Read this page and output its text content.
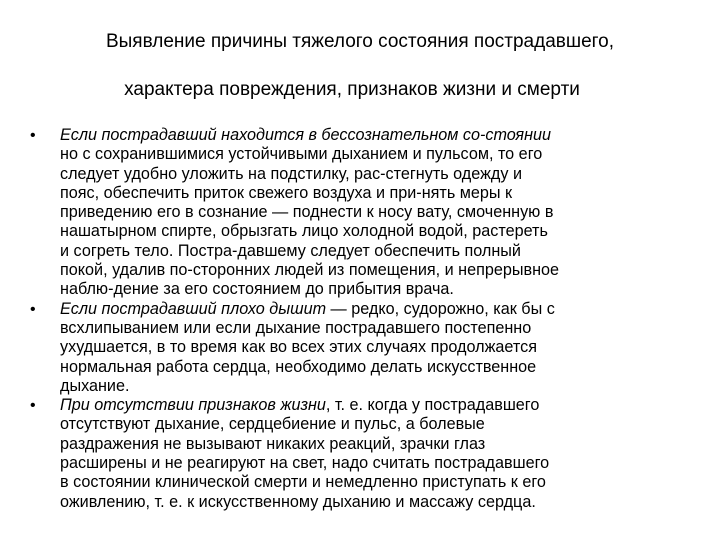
Выявление причины тяжелого состояния пострадавшего,
характера повреждения, признаков жизни и смерти
• Если пострадавший находится в бессознательном со-стоянии
но с сохранившимися устойчивыми дыханием и пульсом, то его
следует удобно уложить на подстилку, рас-стегнуть одежду и
пояс, обеспечить приток свежего воздуха и при-нять меры к
приведению его в сознание — поднести к носу вату, смоченную в
нашатырном спирте, обрызгать лицо холодной водой, растереть
и согреть тело. Постра-давшему следует обеспечить полный
покой, удалив по-сторонних людей из помещения, и непрерывное
наблю-дение за его состоянием до прибытия врача.
• Если пострадавший плохо дышит — редко, судорожно, как бы с
всхлипыванием или если дыхание пострадавшего постепенно
ухудшается, в то время как во всех этих случаях продолжается
нормальная работа сердца, необходимо делать искусственное
дыхание.
• При отсутствии признаков жизни, т. е. когда у пострадавшего
отсутствуют дыхание, сердцебиение и пульс, а болевые
раздражения не вызывают никаких реакций, зрачки глаз
расширены и не реагируют на свет, надо считать пострадавшего
в состоянии клинической смерти и немедленно приступать к его
оживлению, т. е. к искусственному дыханию и массажу сердца.
